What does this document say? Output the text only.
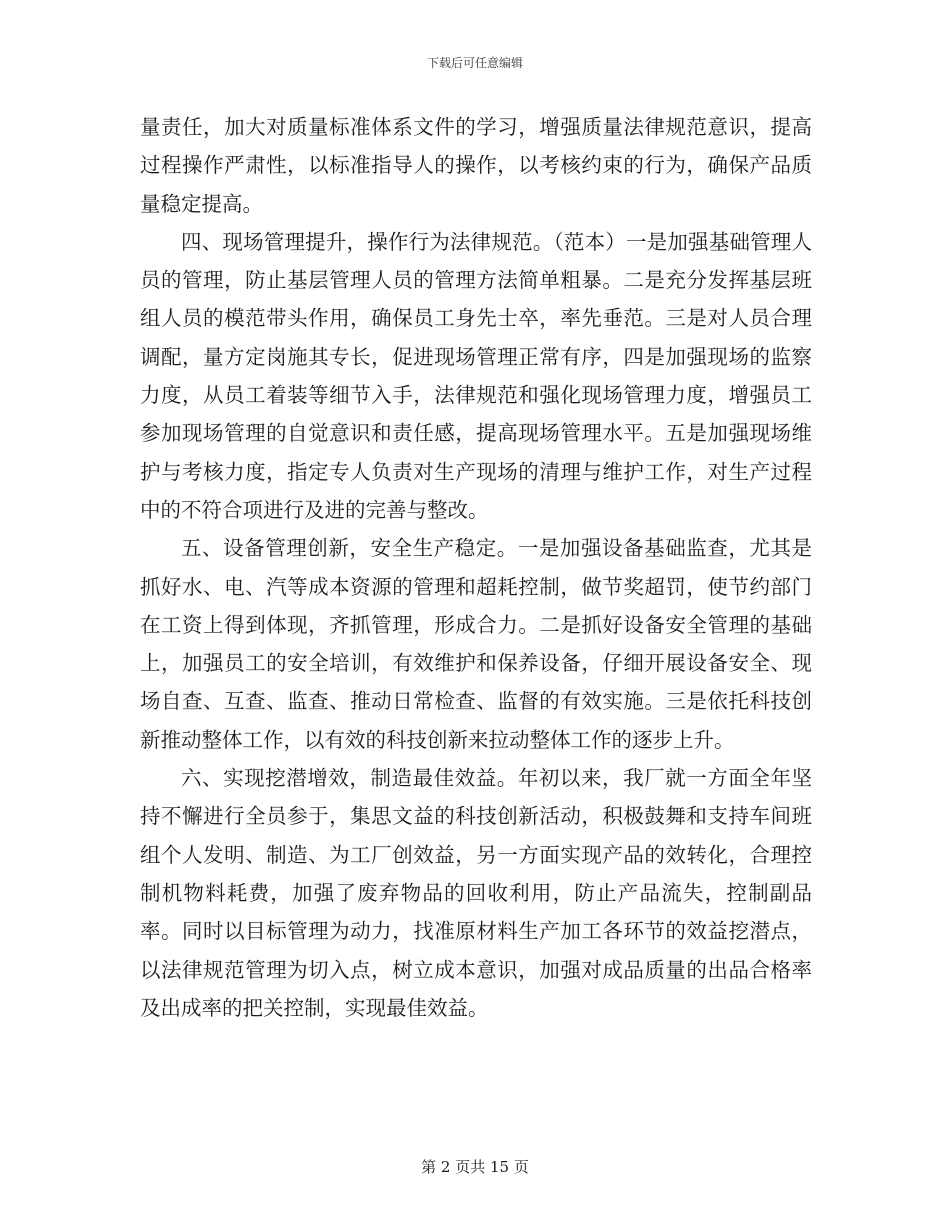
下载后可任意编辑

量责任，加大对质量标准体系文件的学习，增强质量法律规范意识，提高过程操作严肃性，以标准指导人的操作，以考核约束的行为，确保产品质量稳定提高。

四、现场管理提升，操作行为法律规范。（范本）一是加强基础管理人员的管理，防止基层管理人员的管理方法简单粗暴。二是充分发挥基层班组人员的模范带头作用，确保员工身先士卒，率先垂范。三是对人员合理调配，量方定岗施其专长，促进现场管理正常有序，四是加强现场的监察力度，从员工着装等细节入手，法律规范和强化现场管理力度，增强员工参加现场管理的自觉意识和责任感，提高现场管理水平。五是加强现场维护与考核力度，指定专人负责对生产现场的清理与维护工作，对生产过程中的不符合项进行及进的完善与整改。

五、设备管理创新，安全生产稳定。一是加强设备基础监查，尤其是抓好水、电、汽等成本资源的管理和超耗控制，做节奖超罚，使节约部门在工资上得到体现，齐抓管理，形成合力。二是抓好设备安全管理的基础上，加强员工的安全培训，有效维护和保养设备，仔细开展设备安全、现场自查、互查、监查、推动日常检查、监督的有效实施。三是依托科技创新推动整体工作，以有效的科技创新来拉动整体工作的逐步上升。

六、实现挖潜增效，制造最佳效益。年初以来，我厂就一方面全年坚持不懈进行全员参于，集思文益的科技创新活动，积极鼓舞和支持车间班组个人发明、制造、为工厂创效益，另一方面实现产品的效转化，合理控制机物料耗费，加强了废弃物品的回收利用，防止产品流失，控制副品率。同时以目标管理为动力，找准原材料生产加工各环节的效益挖潜点，以法律规范管理为切入点，树立成本意识，加强对成品质量的出品合格率及出成率的把关控制，实现最佳效益。

第 2 页共 15 页
